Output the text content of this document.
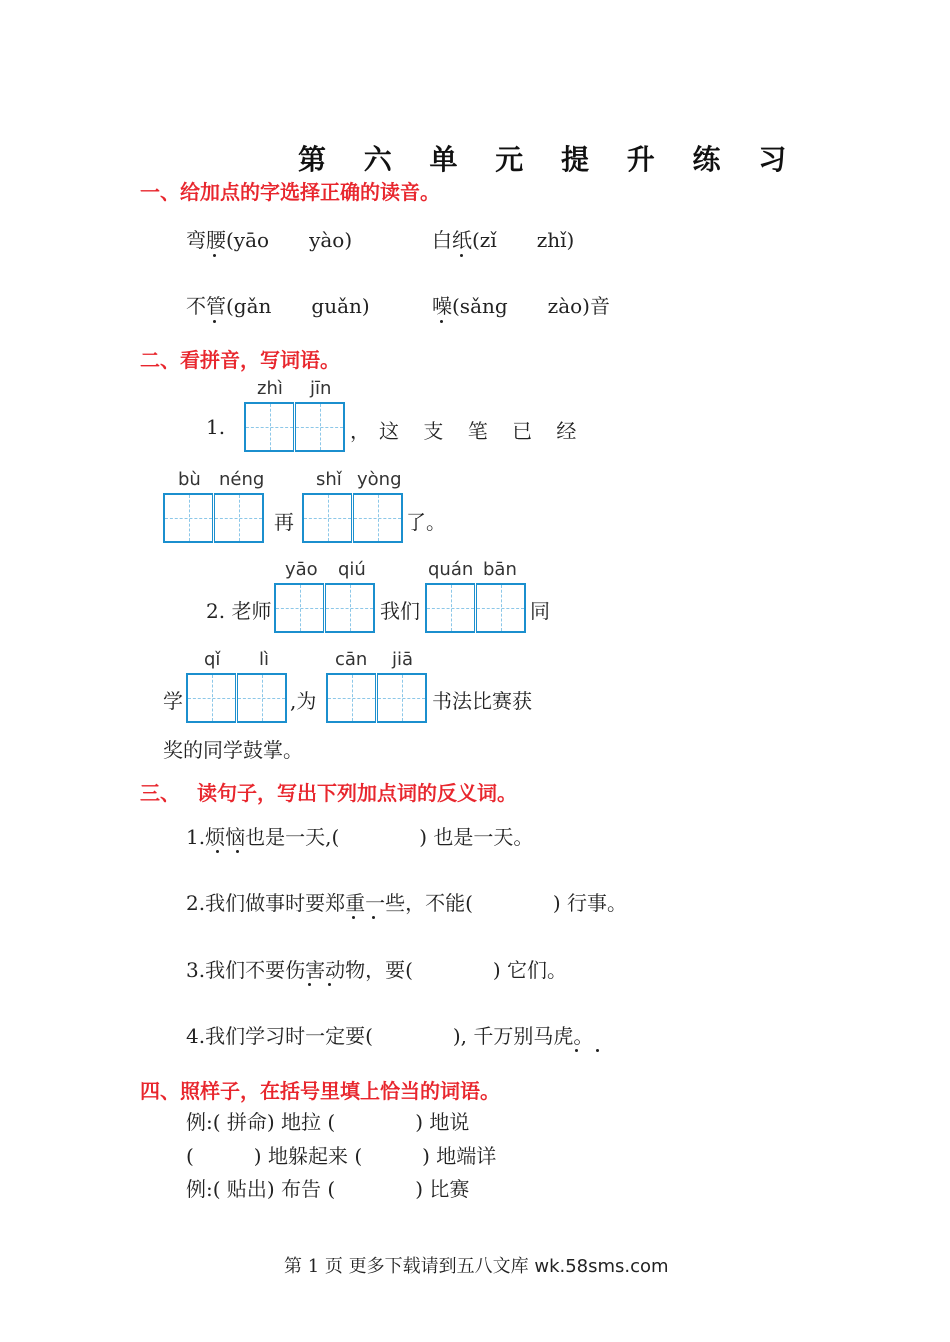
第 六 单 元 提 升 练 习
一、给加点的字选择正确的读音。
弯腰(yāo　　yào)	白纸(zǐ　　zhǐ)
不管(gǎn　　guǎn)	噪(sǎng　　zào)音
二、看拼音，写词语。
1.
zhì jīn
，这 支 笔 已 经
bù néng
再
shǐ yòng
了。
2. 老师
yāo qiú
我们
quán bān
同
学
qǐ lì
,为
cān jiā
书法比赛获
奖的同学鼓掌。
三、　 读句子，写出下列加点词的反义词。
1.烦恼也是一天,(　　　　) 也是一天。
2.我们做事时要郑重一些，不能(　　　　) 行事。
3.我们不要伤害动物，要(　　　　) 它们。
4.我们学习时一定要(　　　　), 千万别马虎。
四、照样子，在括号里填上恰当的词语。
例:( 拼命) 地拉 (　　　　) 地说
(　　　) 地躲起来 (　　　) 地端详
例:( 贴出) 布告 (　　　　) 比赛
第 1 页 更多下载请到五八文库 wk.58sms.com
